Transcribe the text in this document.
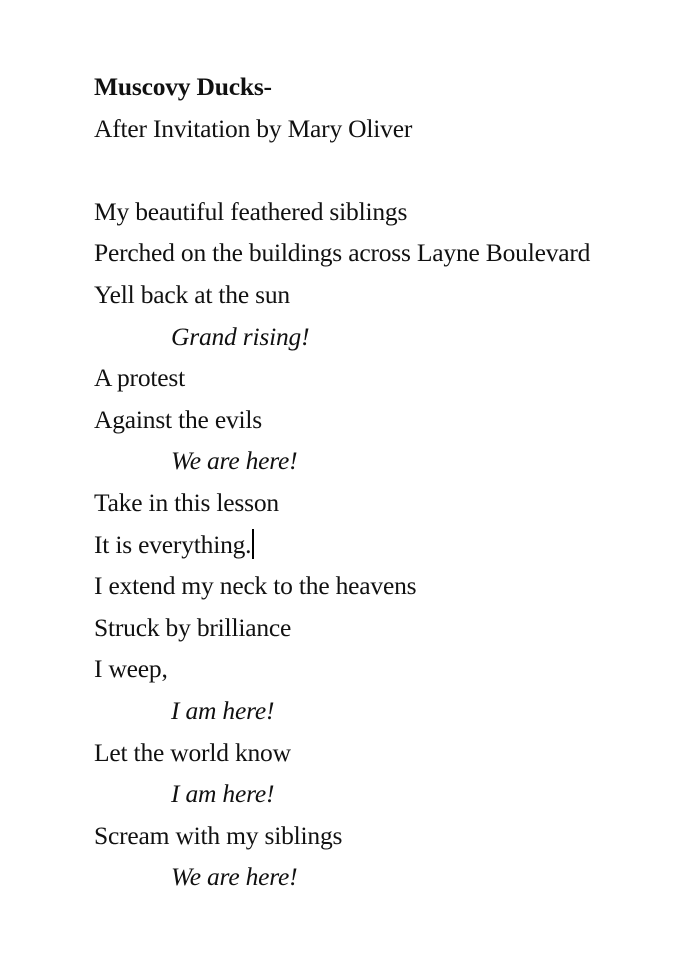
Muscovy Ducks-
After Invitation by Mary Oliver
My beautiful feathered siblings
Perched on the buildings across Layne Boulevard
Yell back at the sun
Grand rising!
A protest
Against the evils
We are here!
Take in this lesson
It is everything.
I extend my neck to the heavens
Struck by brilliance
I weep,
I am here!
Let the world know
I am here!
Scream with my siblings
We are here!
